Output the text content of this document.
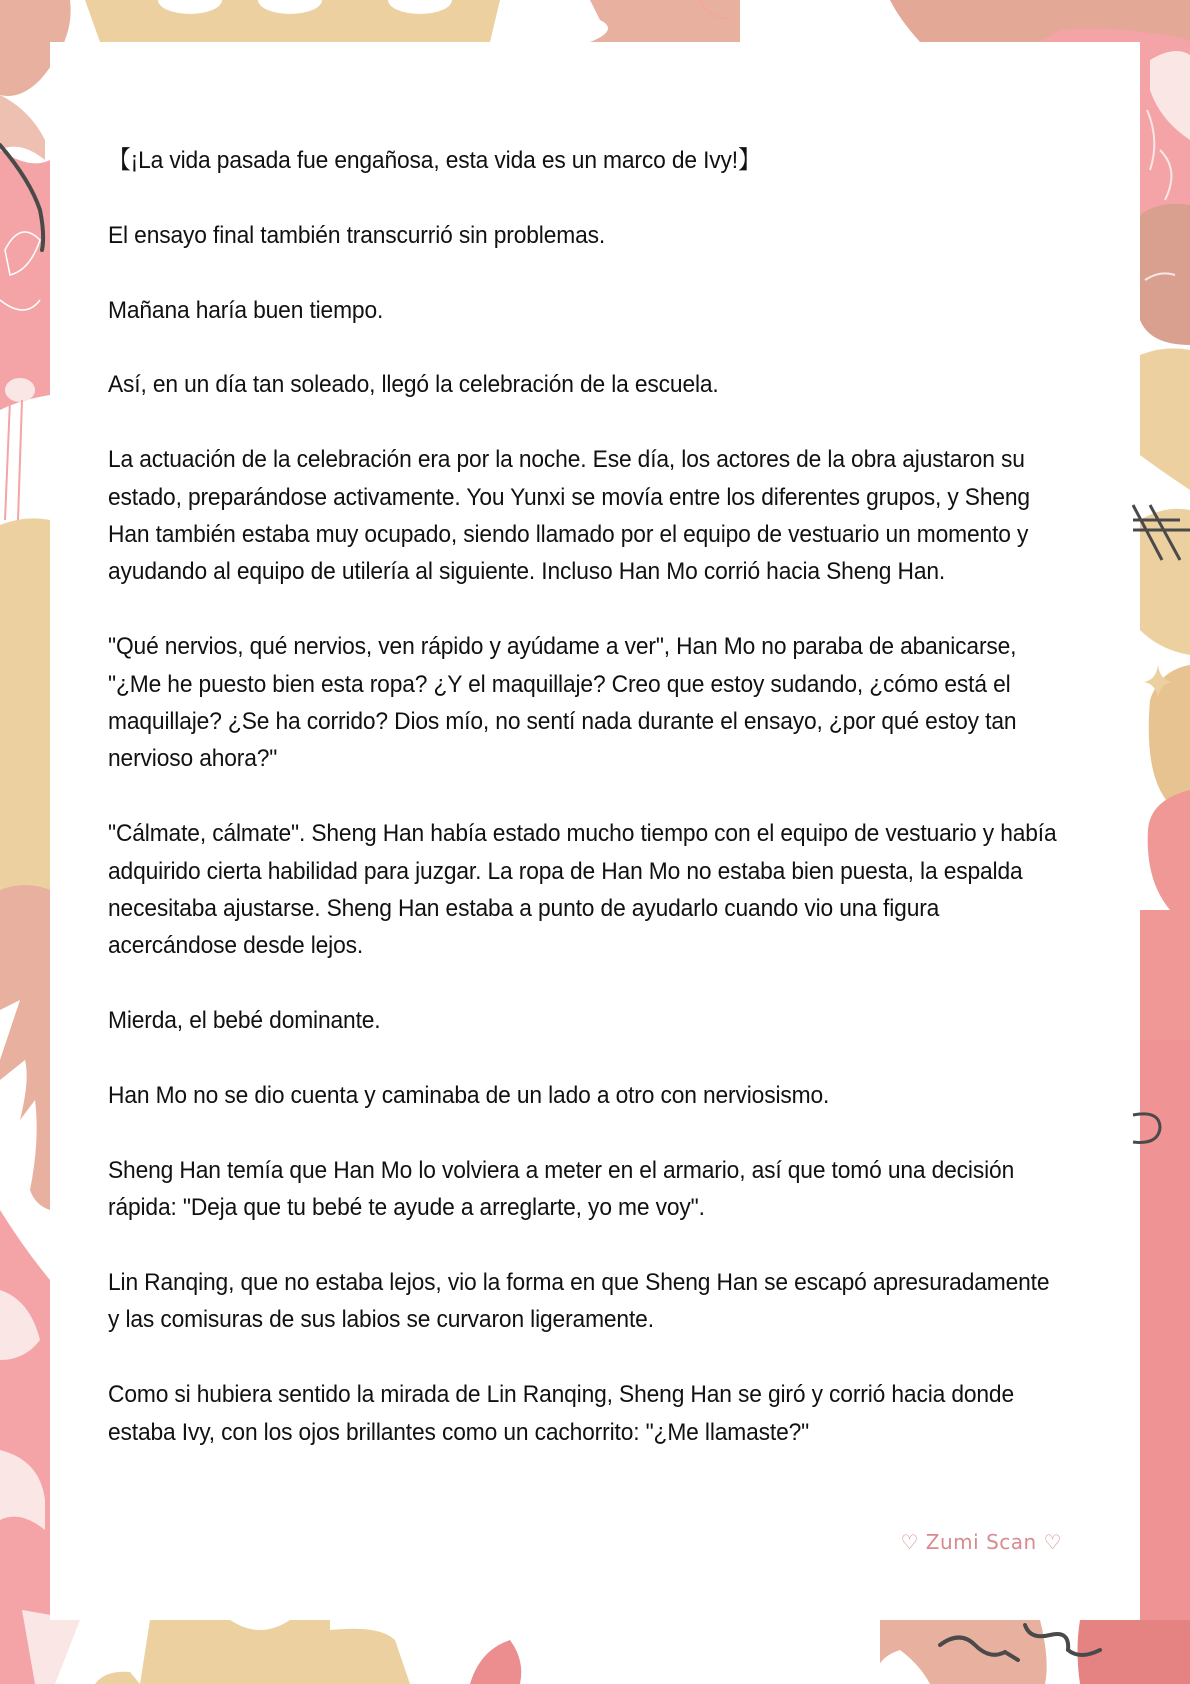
【¡La vida pasada fue engañosa, esta vida es un marco de Ivy!】

El ensayo final también transcurrió sin problemas.

Mañana haría buen tiempo.

Así, en un día tan soleado, llegó la celebración de la escuela.

La actuación de la celebración era por la noche. Ese día, los actores de la obra ajustaron su estado, preparándose activamente. You Yunxi se movía entre los diferentes grupos, y Sheng Han también estaba muy ocupado, siendo llamado por el equipo de vestuario un momento y ayudando al equipo de utilería al siguiente. Incluso Han Mo corrió hacia Sheng Han.

"Qué nervios, qué nervios, ven rápido y ayúdame a ver", Han Mo no paraba de abanicarse, "¿Me he puesto bien esta ropa? ¿Y el maquillaje? Creo que estoy sudando, ¿cómo está el maquillaje? ¿Se ha corrido? Dios mío, no sentí nada durante el ensayo, ¿por qué estoy tan nervioso ahora?"

"Cálmate, cálmate". Sheng Han había estado mucho tiempo con el equipo de vestuario y había adquirido cierta habilidad para juzgar. La ropa de Han Mo no estaba bien puesta, la espalda necesitaba ajustarse. Sheng Han estaba a punto de ayudarlo cuando vio una figura acercándose desde lejos.

Mierda, el bebé dominante.

Han Mo no se dio cuenta y caminaba de un lado a otro con nerviosismo.

Sheng Han temía que Han Mo lo volviera a meter en el armario, así que tomó una decisión rápida: "Deja que tu bebé te ayude a arreglarte, yo me voy".

Lin Ranqing, que no estaba lejos, vio la forma en que Sheng Han se escapó apresuradamente y las comisuras de sus labios se curvaron ligeramente.

Como si hubiera sentido la mirada de Lin Ranqing, Sheng Han se giró y corrió hacia donde estaba Ivy, con los ojos brillantes como un cachorrito: "¿Me llamaste?"

♡ Zumi Scan ♡
